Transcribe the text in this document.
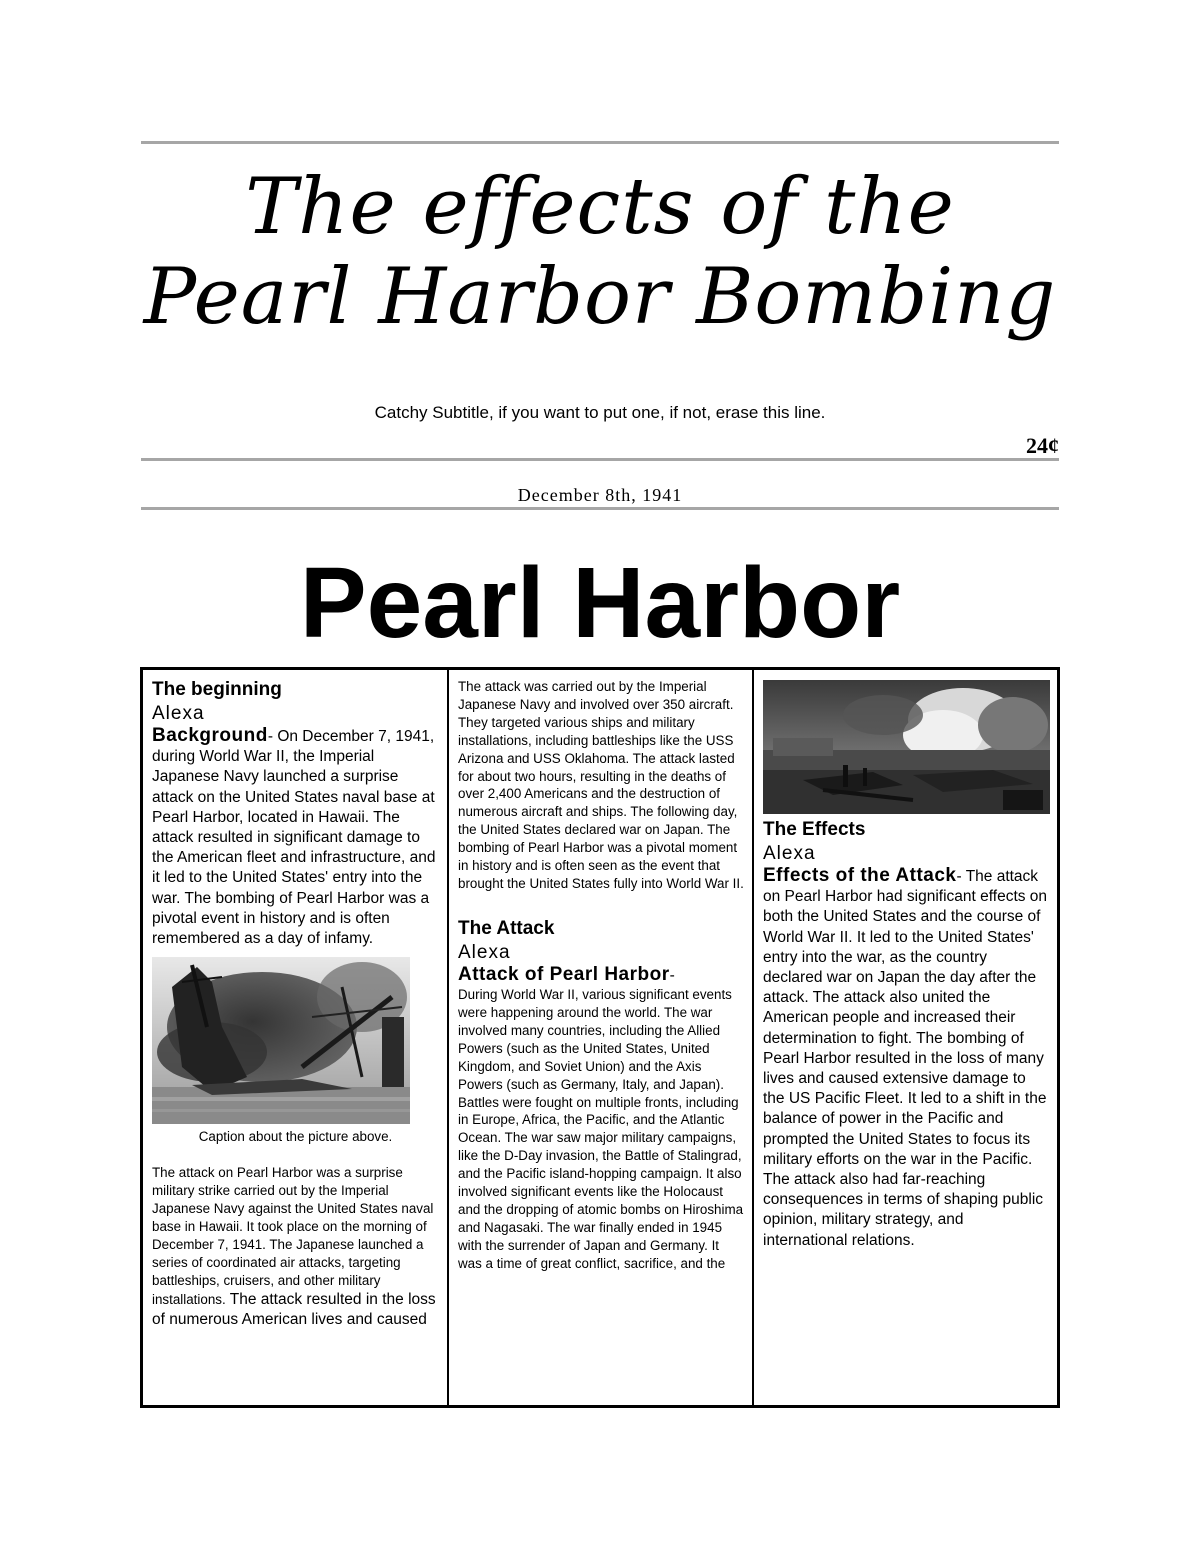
The effects of the Pearl Harbor Bombing
Catchy Subtitle, if you want to put one, if not, erase this line.
24¢
December 8th, 1941
Pearl Harbor
The beginning
Alexa
Background- On December 7, 1941, during World War II, the Imperial Japanese Navy launched a surprise attack on the United States naval base at Pearl Harbor, located in Hawaii. The attack resulted in significant damage to the American fleet and infrastructure, and it led to the United States' entry into the war. The bombing of Pearl Harbor was a pivotal event in history and is often remembered as a day of infamy.
Caption about the picture above.
The attack on Pearl Harbor was a surprise military strike carried out by the Imperial Japanese Navy against the United States naval base in Hawaii. It took place on the morning of December 7, 1941. The Japanese launched a series of coordinated air attacks, targeting battleships, cruisers, and other military installations. The attack resulted in the loss of numerous American lives and caused
The attack was carried out by the Imperial Japanese Navy and involved over 350 aircraft. They targeted various ships and military installations, including battleships like the USS Arizona and USS Oklahoma. The attack lasted for about two hours, resulting in the deaths of over 2,400 Americans and the destruction of numerous aircraft and ships. The following day, the United States declared war on Japan. The bombing of Pearl Harbor was a pivotal moment in history and is often seen as the event that brought the United States fully into World War II.
The Attack
Alexa
Attack of Pearl Harbor-
During World War II, various significant events were happening around the world. The war involved many countries, including the Allied Powers (such as the United States, United Kingdom, and Soviet Union) and the Axis Powers (such as Germany, Italy, and Japan). Battles were fought on multiple fronts, including in Europe, Africa, the Pacific, and the Atlantic Ocean. The war saw major military campaigns, like the D-Day invasion, the Battle of Stalingrad, and the Pacific island-hopping campaign. It also involved significant events like the Holocaust and the dropping of atomic bombs on Hiroshima and Nagasaki. The war finally ended in 1945 with the surrender of Japan and Germany. It was a time of great conflict, sacrifice, and the
The Effects
Alexa
Effects of the Attack- The attack on Pearl Harbor had significant effects on both the United States and the course of World War II. It led to the United States' entry into the war, as the country declared war on Japan the day after the attack. The attack also united the American people and increased their determination to fight. The bombing of Pearl Harbor resulted in the loss of many lives and caused extensive damage to the US Pacific Fleet. It led to a shift in the balance of power in the Pacific and prompted the United States to focus its military efforts on the war in the Pacific. The attack also had far-reaching consequences in terms of shaping public opinion, military strategy, and international relations.
